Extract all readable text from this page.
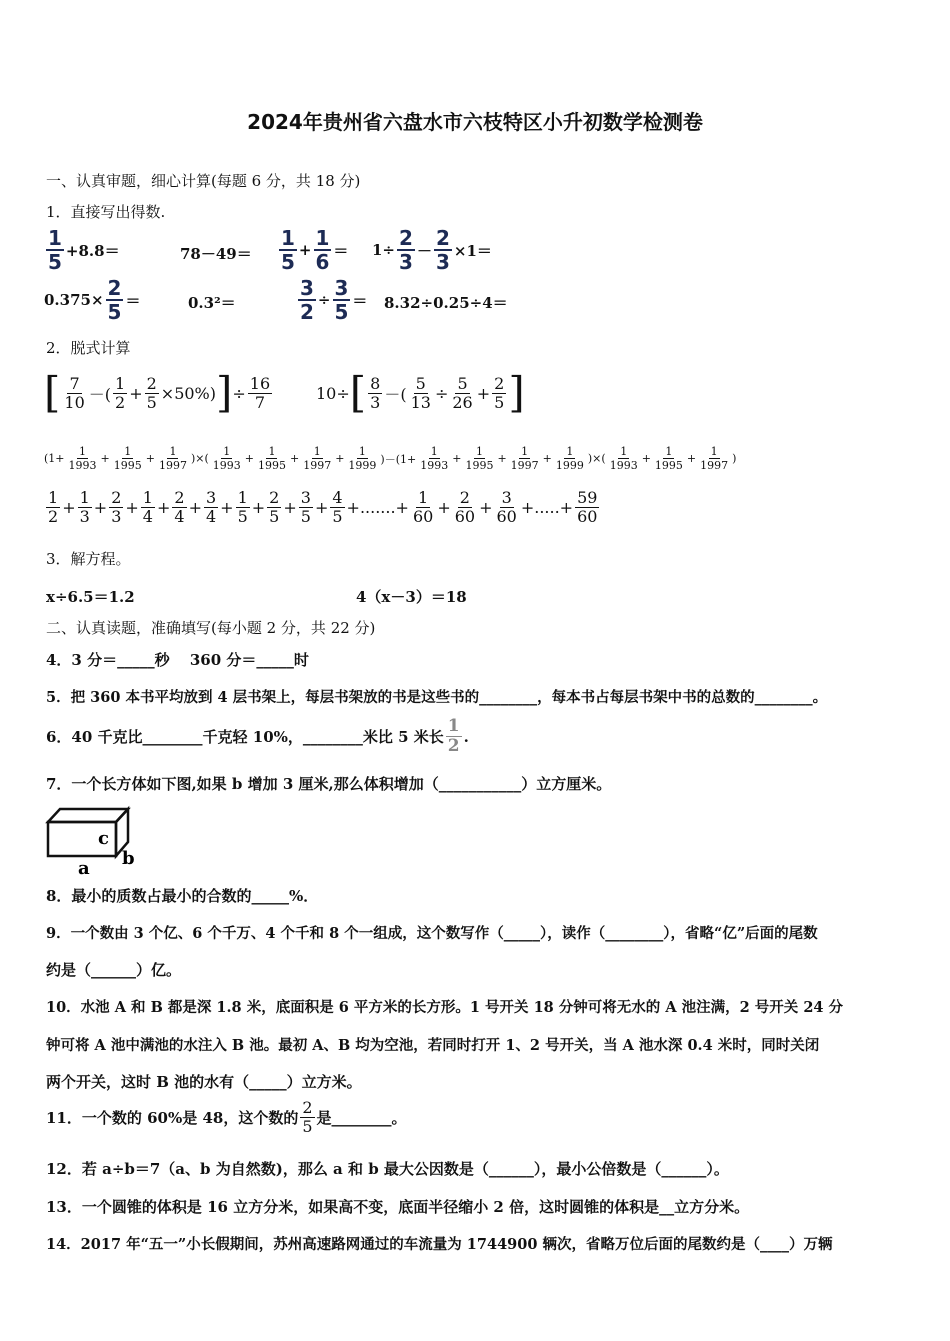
2024年贵州省六盘水市六枝特区小升初数学检测卷
一、认真审题，细心计算(每题 6 分，共 18 分)
1．直接写出得数.
$\frac{1}{5} +8.8=$	$78-49= \frac{1}{5} + \frac{1}{6} = 1\div \frac{2}{3} - \frac{2}{3} \times 1=$
$0.375\times \frac{2}{5}$ ＝	0.3²＝	$\frac{3}{2} \div \frac{3}{5} = 8.32\div 0.25\div 4=$
2．脱式计算
[ $\frac{7}{10}$ －( $\frac{1}{2} + \frac{2}{5} \times 50\%$) ] ÷ $\frac{16}{7}$	10÷ [ $\frac{8}{3}$ －( $\frac{5}{13} \div \frac{5}{26} + \frac{2}{5}$ ]
($1+ \frac{1}{1993} + \frac{1}{1995} + \frac{1}{1997}$ )×( $\frac{1}{1993} + \frac{1}{1995} + \frac{1}{1997} + \frac{1}{1999} )-(1+ \frac{1}{1993} + \frac{1}{1995} + \frac{1}{1997} + \frac{1}{1999}$ )×( $\frac{1}{1993} + \frac{1}{1995} + \frac{1}{1997}$ )
$\frac{1}{2} + \frac{1}{3} + \frac{2}{3} + \frac{1}{4} + \frac{2}{4} + \frac{3}{4} + \frac{1}{5} + \frac{2}{5} + \frac{3}{5} + \frac{4}{5}$ +.......+ $\frac{1}{60} + \frac{2}{60} + \frac{3}{60}$ +.....+ $\frac{59}{60}$
3．解方程。
x÷6.5＝1.2	4（x－3）＝18
二、认真读题，准确填写(每小题 2 分，共 22 分)
4．3 分＝_____秒　 360 分＝_____时
5．把 360 本书平均放到 4 层书架上，每层书架放的书是这些书的________，每本书占每层书架中书的总数的________。
6．40 千克比________千克轻 10%，________米比 5 米长 $\frac{1}{2}$ .
7．一个长方体如下图,如果 b 增加 3 厘米,那么体积增加（___________）立方厘米。
c
a b
8．最小的质数占最小的合数的_____%．
9．一个数由 3 个亿、6 个千万、4 个千和 8 个一组成，这个数写作（_____），读作（________），省略“亿”后面的尾数
约是（______）亿。
10．水池 A 和 B 都是深 1.8 米，底面积是 6 平方米的长方形。1 号开关 18 分钟可将无水的 A 池注满，2 号开关 24 分
钟可将 A 池中满池的水注入 B 池。最初 A、B 均为空池，若同时打开 1、2 号开关，当 A 池水深 0.4 米时，同时关闭
两个开关，这时 B 池的水有（_____）立方米。
11．一个数的 60%是 48，这个数的 $\frac{2}{5}$ 是________。
12．若 a÷b＝7（a、b 为自然数)，那么 a 和 b 最大公因数是（______），最小公倍数是（______）。
13．一个圆锥的体积是 16 立方分米，如果高不变，底面半径缩小 2 倍，这时圆锥的体积是__立方分米。
14．2017 年“五一”小长假期间，苏州高速路网通过的车流量为 1744900 辆次，省略万位后面的尾数约是（____）万辆
